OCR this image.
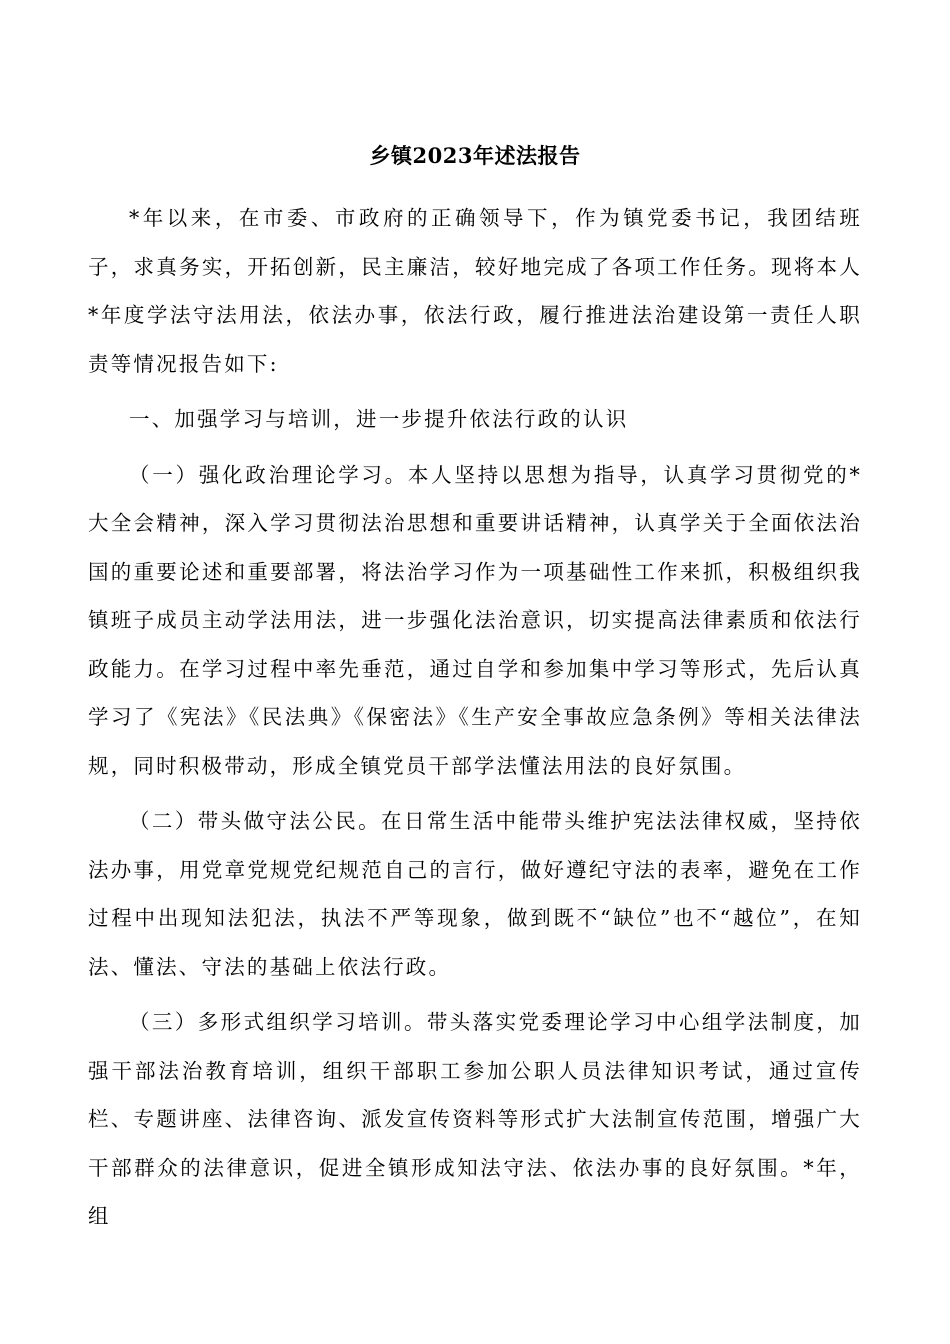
乡镇2023年述法报告

*年以来，在市委、市政府的正确领导下，作为镇党委书记，我团结班子，求真务实，开拓创新，民主廉洁，较好地完成了各项工作任务。现将本人*年度学法守法用法，依法办事，依法行政，履行推进法治建设第一责任人职责等情况报告如下:

一、加强学习与培训，进一步提升依法行政的认识

（一）强化政治理论学习。本人坚持以思想为指导，认真学习贯彻党的*大全会精神，深入学习贯彻法治思想和重要讲话精神，认真学关于全面依法治国的重要论述和重要部署，将法治学习作为一项基础性工作来抓，积极组织我镇班子成员主动学法用法，进一步强化法治意识，切实提高法律素质和依法行政能力。在学习过程中率先垂范，通过自学和参加集中学习等形式，先后认真学习了《宪法》《民法典》《保密法》《生产安全事故应急条例》等相关法律法规，同时积极带动，形成全镇党员干部学法懂法用法的良好氛围。

（二）带头做守法公民。在日常生活中能带头维护宪法法律权威，坚持依法办事，用党章党规党纪规范自己的言行，做好遵纪守法的表率，避免在工作过程中出现知法犯法，执法不严等现象，做到既不“缺位”也不“越位”，在知法、懂法、守法的基础上依法行政。

（三）多形式组织学习培训。带头落实党委理论学习中心组学法制度，加强干部法治教育培训，组织干部职工参加公职人员法律知识考试，通过宣传栏、专题讲座、法律咨询、派发宣传资料等形式扩大法制宣传范围，增强广大干部群众的法律意识，促进全镇形成知法守法、依法办事的良好氛围。*年，组
